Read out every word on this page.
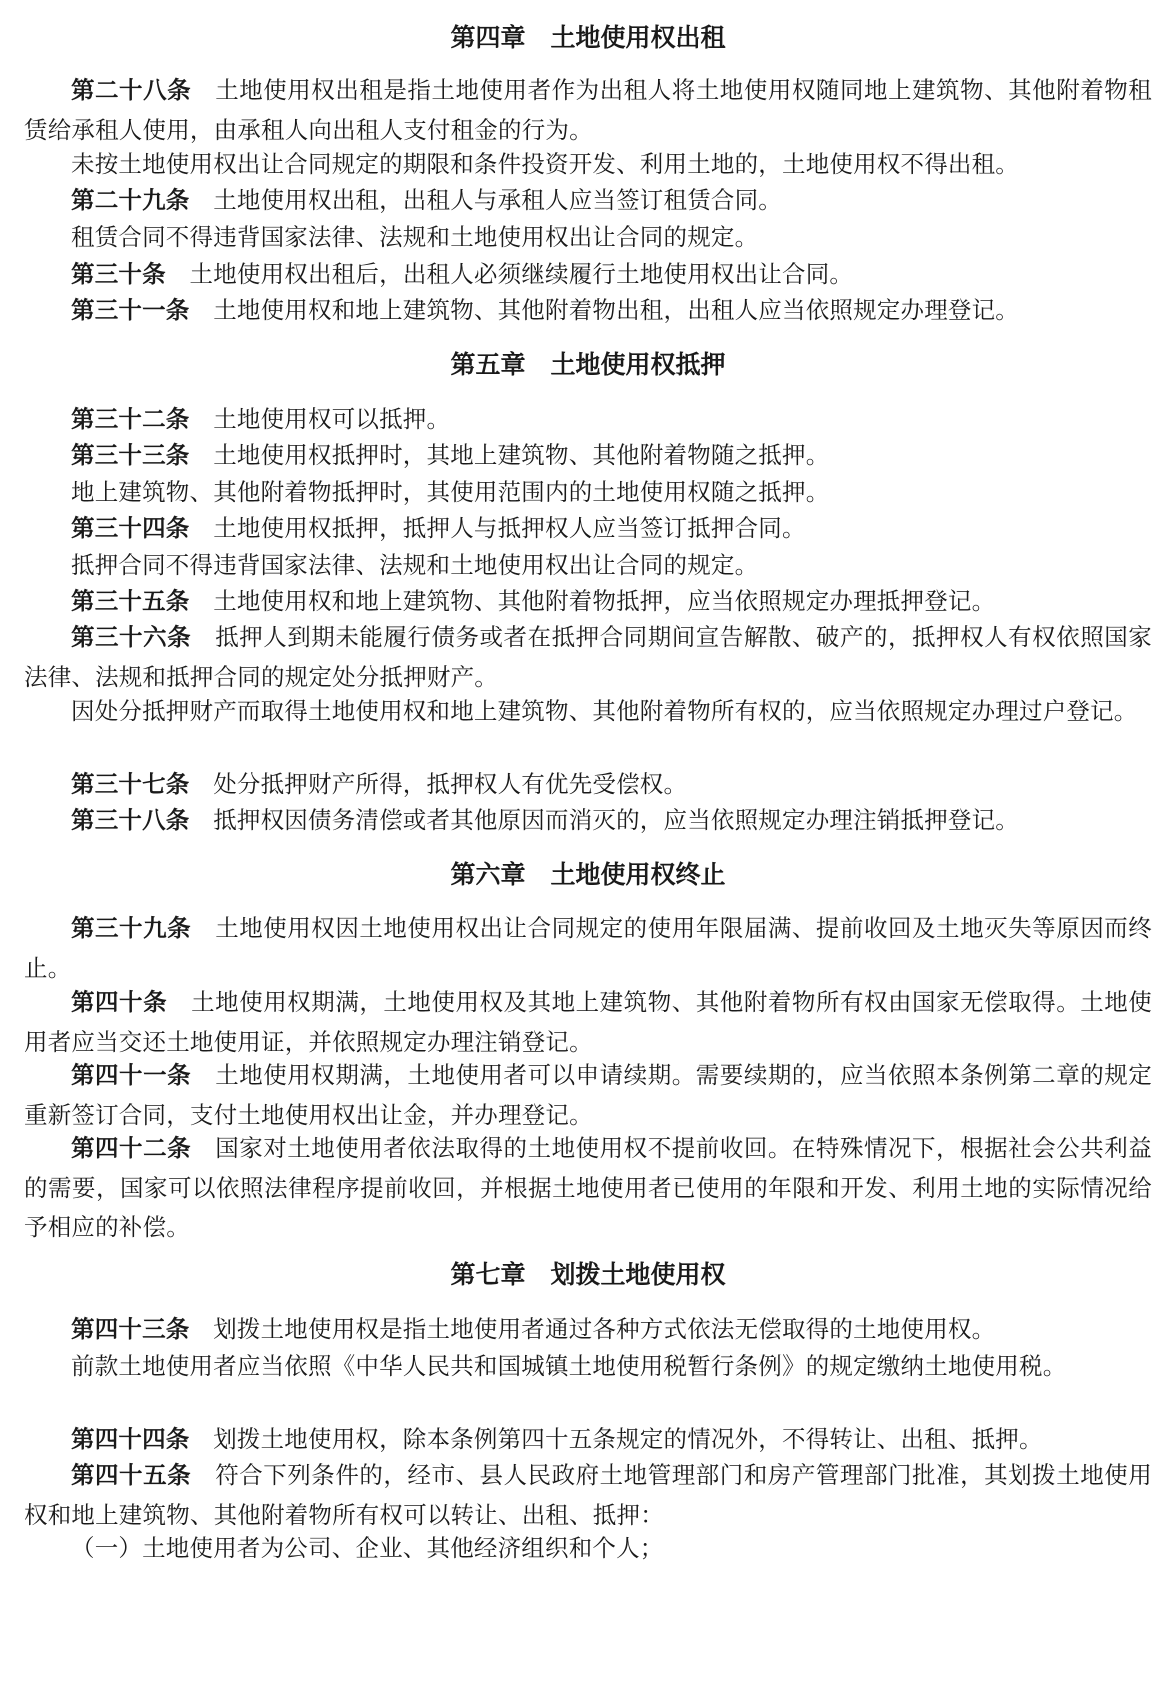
第四章　土地使用权出租

第二十八条　 土地使用权出租是指土地使用者作为出租人将土地使用权随同地上建筑物、其他附着物租赁给承租人使用，由承租人向出租人支付租金的行为。

未按土地使用权出让合同规定的期限和条件投资开发、利用土地的，土地使用权不得出租。

第二十九条　 土地使用权出租，出租人与承租人应当签订租赁合同。

租赁合同不得违背国家法律、法规和土地使用权出让合同的规定。

第三十条　 土地使用权出租后，出租人必须继续履行土地使用权出让合同。

第三十一条　 土地使用权和地上建筑物、其他附着物出租，出租人应当依照规定办理登记。

第五章　土地使用权抵押

第三十二条　 土地使用权可以抵押。

第三十三条　 土地使用权抵押时，其地上建筑物、其他附着物随之抵押。

地上建筑物、其他附着物抵押时，其使用范围内的土地使用权随之抵押。

第三十四条　 土地使用权抵押，抵押人与抵押权人应当签订抵押合同。

抵押合同不得违背国家法律、法规和土地使用权出让合同的规定。

第三十五条　 土地使用权和地上建筑物、其他附着物抵押，应当依照规定办理抵押登记。

第三十六条　 抵押人到期未能履行债务或者在抵押合同期间宣告解散、破产的，抵押权人有权依照国家法律、法规和抵押合同的规定处分抵押财产。

因处分抵押财产而取得土地使用权和地上建筑物、其他附着物所有权的，应当依照规定办理过户登记。

第三十七条　 处分抵押财产所得，抵押权人有优先受偿权。

第三十八条　 抵押权因债务清偿或者其他原因而消灭的，应当依照规定办理注销抵押登记。

第六章　土地使用权终止

第三十九条　 土地使用权因土地使用权出让合同规定的使用年限届满、提前收回及土地灭失等原因而终止。

第四十条　 土地使用权期满，土地使用权及其地上建筑物、其他附着物所有权由国家无偿取得。土地使用者应当交还土地使用证，并依照规定办理注销登记。

第四十一条　 土地使用权期满，土地使用者可以申请续期。需要续期的，应当依照本条例第二章的规定重新签订合同，支付土地使用权出让金，并办理登记。

第四十二条　 国家对土地使用者依法取得的土地使用权不提前收回。在特殊情况下，根据社会公共利益的需要，国家可以依照法律程序提前收回，并根据土地使用者已使用的年限和开发、利用土地的实际情况给予相应的补偿。

第七章　划拨土地使用权

第四十三条　 划拨土地使用权是指土地使用者通过各种方式依法无偿取得的土地使用权。

前款土地使用者应当依照《中华人民共和国城镇土地使用税暂行条例》的规定缴纳土地使用税。

第四十四条　 划拨土地使用权，除本条例第四十五条规定的情况外，不得转让、出租、抵押。

第四十五条　 符合下列条件的，经市、县人民政府土地管理部门和房产管理部门批准，其划拨土地使用权和地上建筑物、其他附着物所有权可以转让、出租、抵押：

（一）土地使用者为公司、企业、其他经济组织和个人；
